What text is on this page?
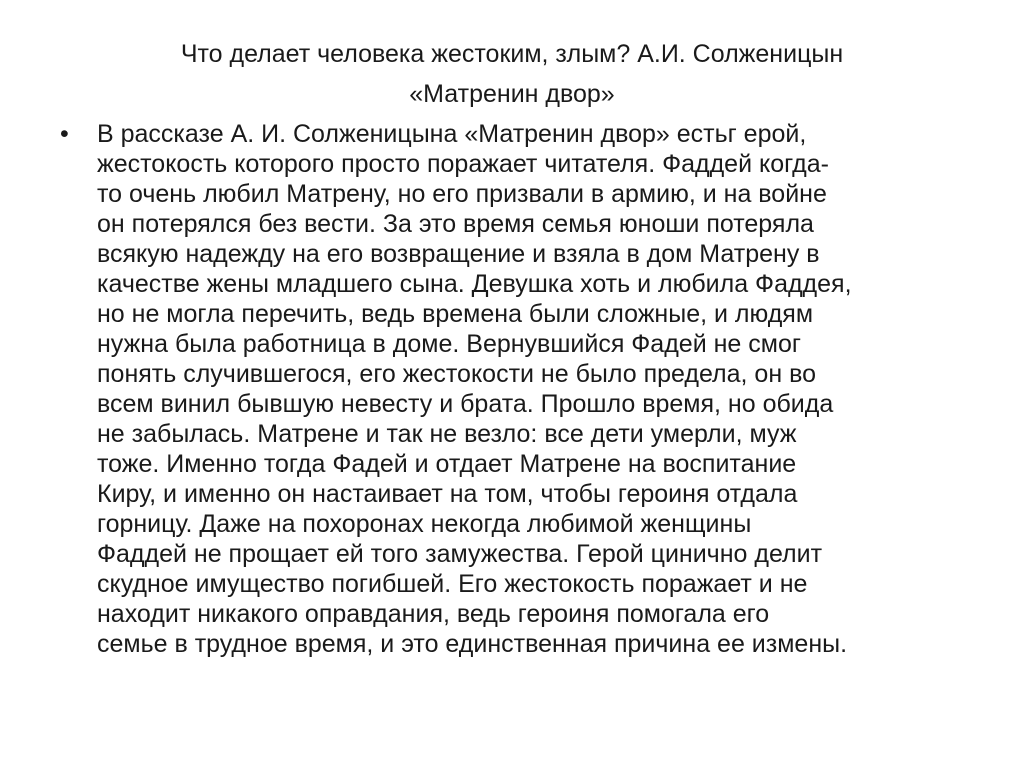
Что делает человека жестоким, злым? А.И. Солженицын
«Матренин двор»
• В рассказе А. И. Солженицына «Матренин двор» естьг ерой,
жестокость которого просто поражает читателя. Фаддей когда-
то очень любил Матрену, но его призвали в армию, и на войне
он потерялся без вести. За это время семья юноши потеряла
всякую надежду на его возвращение и взяла в дом Матрену в
качестве жены младшего сына. Девушка хоть и любила Фаддея,
но не могла перечить, ведь времена были сложные, и людям
нужна была работница в доме. Вернувшийся Фадей не смог
понять случившегося, его жестокости не было предела, он во
всем винил бывшую невесту и брата. Прошло время, но обида
не забылась. Матрене и так не везло: все дети умерли, муж
тоже. Именно тогда Фадей и отдает Матрене на воспитание
Киру, и именно он настаивает на том, чтобы героиня отдала
горницу. Даже на похоронах некогда любимой женщины
Фаддей не прощает ей того замужества. Герой цинично делит
скудное имущество погибшей. Его жестокость поражает и не
находит никакого оправдания, ведь героиня помогала его
семье в трудное время, и это единственная причина ее измены.
